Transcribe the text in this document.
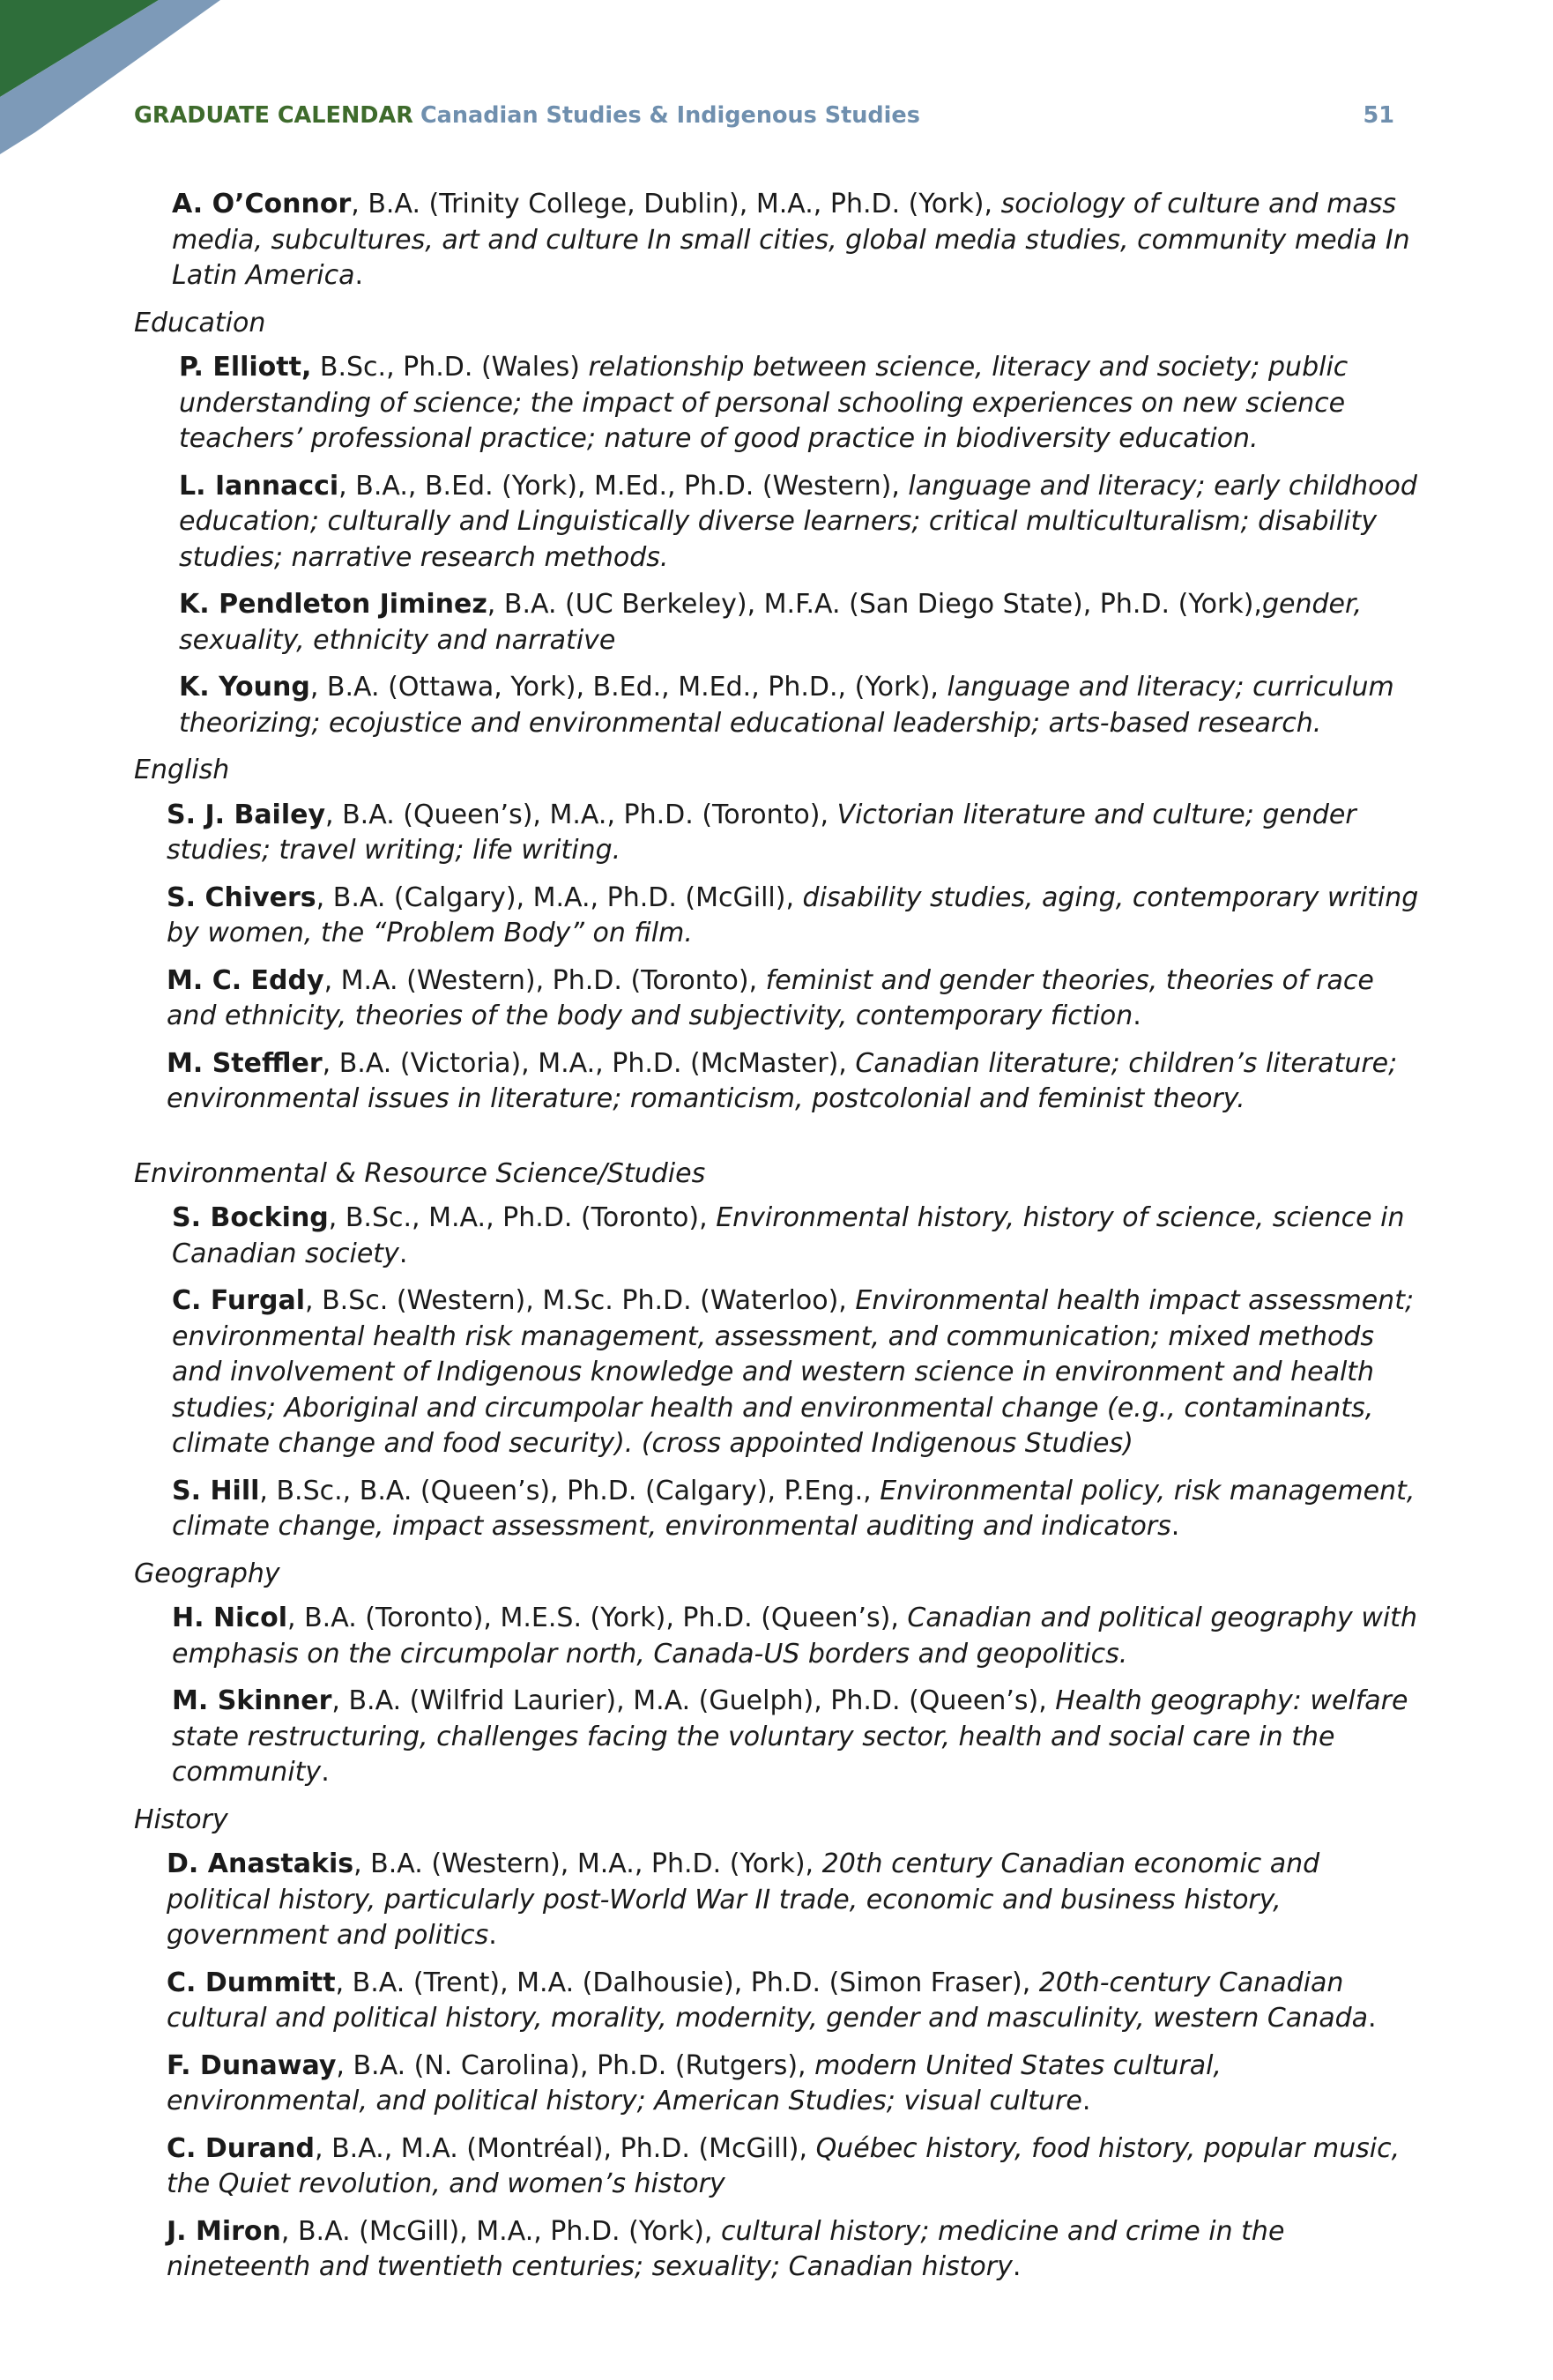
GRADUATE CALENDAR Canadian Studies & Indigenous Studies	51

A. O’Connor, B.A. (Trinity College, Dublin), M.A., Ph.D. (York), sociology of culture and mass media, subcultures, art and culture In small cities, global media studies, community media In Latin America.

Education

P. Elliott, B.Sc., Ph.D. (Wales) relationship between science, literacy and society; public understanding of science; the impact of personal schooling experiences on new science teachers’ professional practice; nature of good practice in biodiversity education.

L. Iannacci, B.A., B.Ed. (York), M.Ed., Ph.D. (Western), language and literacy; early childhood education; culturally and Linguistically diverse learners; critical multiculturalism; disability studies; narrative research methods.

K. Pendleton Jiminez, B.A. (UC Berkeley), M.F.A. (San Diego State), Ph.D. (York),gender, sexuality, ethnicity and narrative

K. Young, B.A. (Ottawa, York), B.Ed., M.Ed., Ph.D., (York), language and literacy; curriculum theorizing; ecojustice and environmental educational leadership; arts-based research.

English

S. J. Bailey, B.A. (Queen’s), M.A., Ph.D. (Toronto), Victorian literature and culture; gender studies; travel writing; life writing.

S. Chivers, B.A. (Calgary), M.A., Ph.D. (McGill), disability studies, aging, contemporary writing by women, the “Problem Body” on film.

M. C. Eddy, M.A. (Western), Ph.D. (Toronto), feminist and gender theories, theories of race and ethnicity, theories of the body and subjectivity, contemporary fiction.

M. Steffler, B.A. (Victoria), M.A., Ph.D. (McMaster), Canadian literature; children’s literature; environmental issues in literature; romanticism, postcolonial and feminist theory.

Environmental & Resource Science/Studies

S. Bocking, B.Sc., M.A., Ph.D. (Toronto), Environmental history, history of science, science in Canadian society.

C. Furgal, B.Sc. (Western), M.Sc. Ph.D. (Waterloo), Environmental health impact assessment; environmental health risk management, assessment, and communication; mixed methods and involvement of Indigenous knowledge and western science in environment and health studies; Aboriginal and circumpolar health and environmental change (e.g., contaminants, climate change and food security). (cross appointed Indigenous Studies)

S. Hill, B.Sc., B.A. (Queen’s), Ph.D. (Calgary), P.Eng., Environmental policy, risk management, climate change, impact assessment, environmental auditing and indicators.

Geography

H. Nicol, B.A. (Toronto), M.E.S. (York), Ph.D. (Queen’s), Canadian and political geography with emphasis on the circumpolar north, Canada-US borders and geopolitics.

M. Skinner, B.A. (Wilfrid Laurier), M.A. (Guelph), Ph.D. (Queen’s), Health geography: welfare state restructuring, challenges facing the voluntary sector, health and social care in the community.

History

D. Anastakis, B.A. (Western), M.A., Ph.D. (York), 20th century Canadian economic and political history, particularly post-World War II trade, economic and business history, government and politics.

C. Dummitt, B.A. (Trent), M.A. (Dalhousie), Ph.D. (Simon Fraser), 20th-century Canadian cultural and political history, morality, modernity, gender and masculinity, western Canada.

F. Dunaway, B.A. (N. Carolina), Ph.D. (Rutgers), modern United States cultural, environmental, and political history; American Studies; visual culture.

C. Durand, B.A., M.A. (Montréal), Ph.D. (McGill), Québec history, food history, popular music, the Quiet revolution, and women’s history

J. Miron, B.A. (McGill), M.A., Ph.D. (York), cultural history; medicine and crime in the nineteenth and twentieth centuries; sexuality; Canadian history.
